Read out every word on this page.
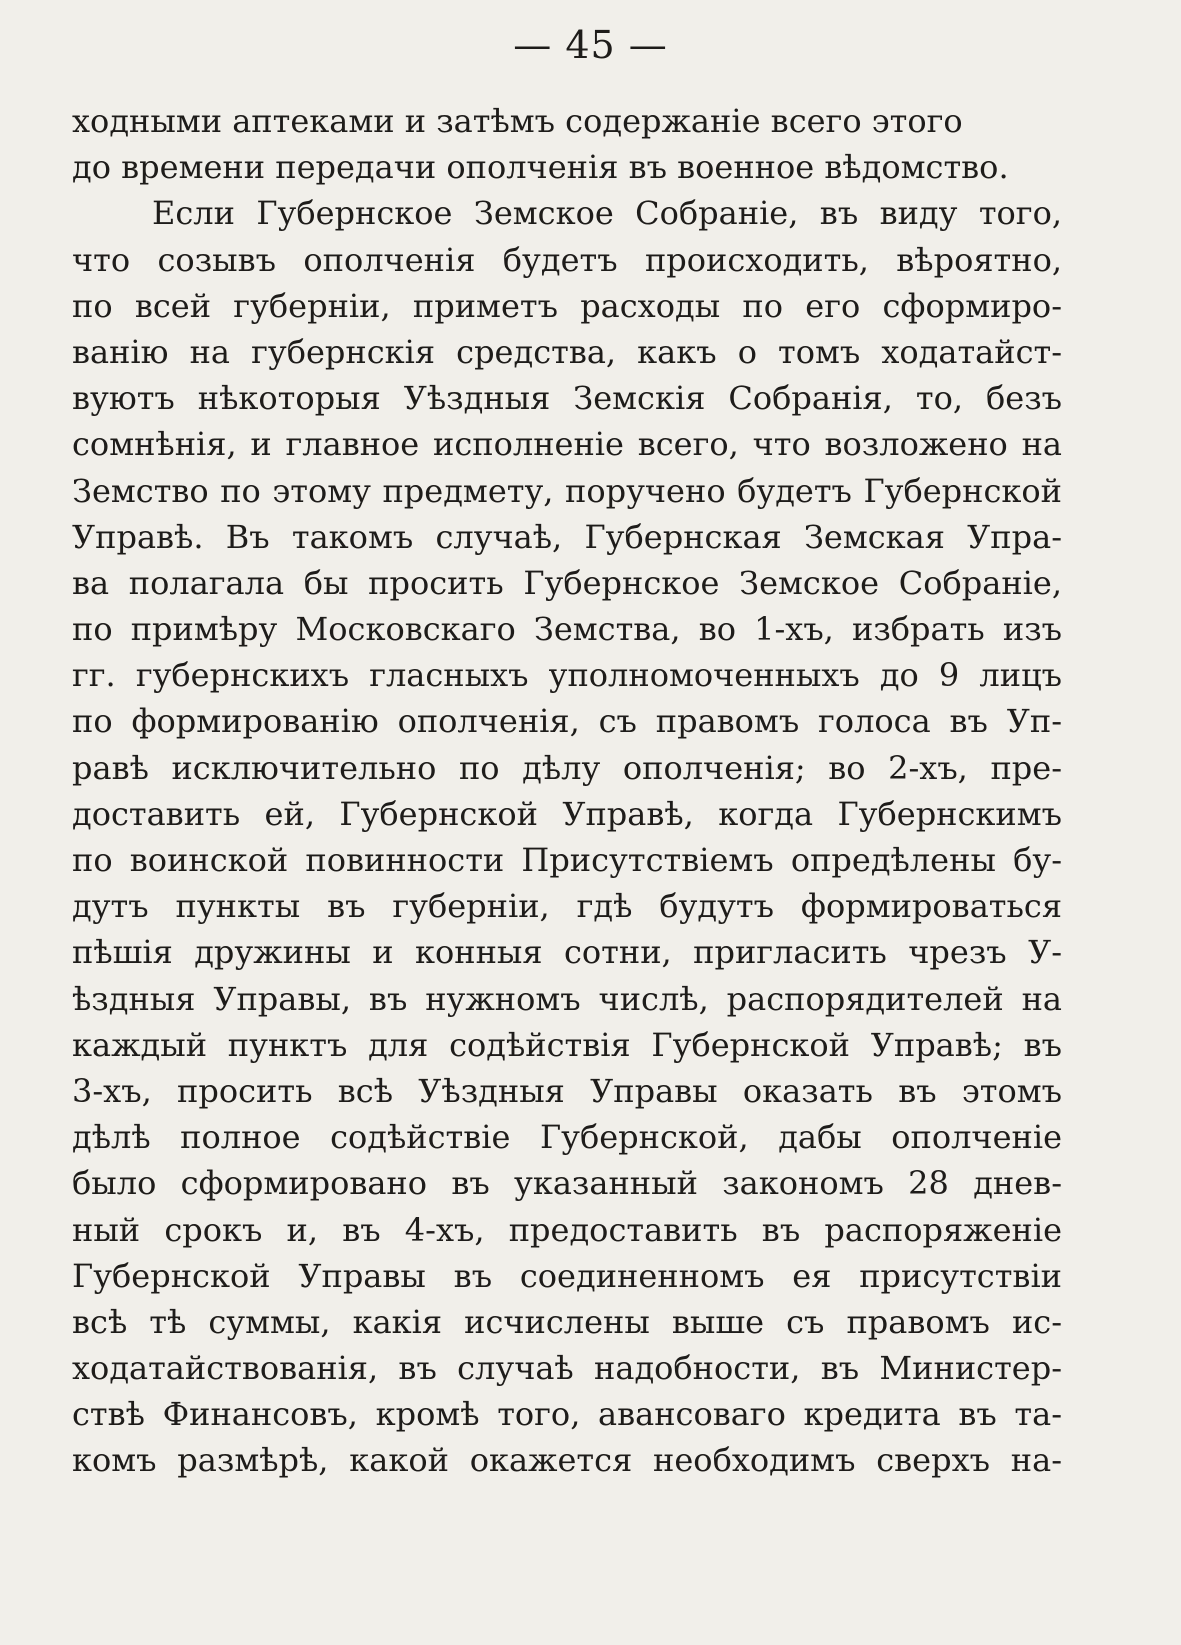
— 45 —
ходными аптеками и затѣмъ содержаніе всего этого
до времени передачи ополченія въ военное вѣдомство.
Если Губернское Земское Собраніе, въ виду того,
что созывъ ополченія будетъ происходить, вѣроятно,
по всей губерніи, приметъ расходы по его сформиро-
ванію на губернскія средства, какъ о томъ ходатайст-
вуютъ нѣкоторыя Уѣздныя Земскія Собранія, то, безъ
сомнѣнія, и главное исполненіе всего, что возложено на
Земство по этому предмету, поручено будетъ Губернской
Управѣ. Въ такомъ случаѣ, Губернская Земская Упра-
ва полагала бы просить Губернское Земское Собраніе,
по примѣру Московскаго Земства, во 1-хъ, избрать изъ
гг. губернскихъ гласныхъ уполномоченныхъ до 9 лицъ
по формированію ополченія, съ правомъ голоса въ Уп-
равѣ исключительно по дѣлу ополченія; во 2-хъ, пре-
доставить ей, Губернской Управѣ, когда Губернскимъ
по воинской повинности Присутствіемъ опредѣлены бу-
дутъ пункты въ губерніи, гдѣ будутъ формироваться
пѣшія дружины и конныя сотни, пригласить чрезъ У-
ѣздныя Управы, въ нужномъ числѣ, распорядителей на
каждый пунктъ для содѣйствія Губернской Управѣ; въ
3-хъ, просить всѣ Уѣздныя Управы оказать въ этомъ
дѣлѣ полное содѣйствіе Губернской, дабы ополченіе
было сформировано въ указанный закономъ 28 днев-
ный срокъ и, въ 4-хъ, предоставить въ распоряженіе
Губернской Управы въ соединенномъ ея присутствіи
всѣ тѣ суммы, какія исчислены выше съ правомъ ис-
ходатайствованія, въ случаѣ надобности, въ Министер-
ствѣ Финансовъ, кромѣ того, авансоваго кредита въ та-
комъ размѣрѣ, какой окажется необходимъ сверхъ на-
